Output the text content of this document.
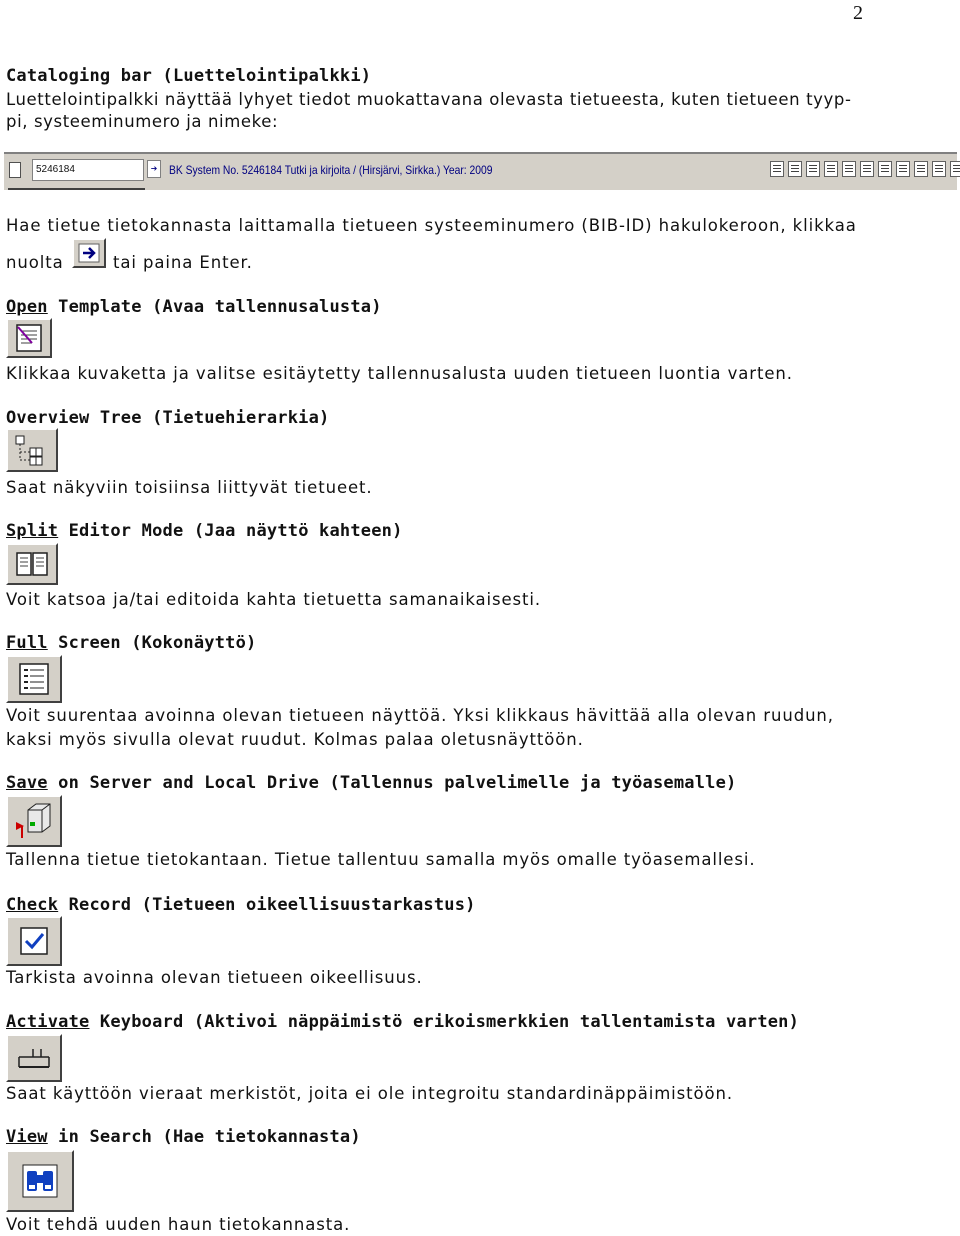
2
Cataloging bar (Luettelointipalkki)
Luettelointipalkki näyttää lyhyet tiedot muokattavana olevasta tietueesta, kuten tietueen tyyp-
pi, systeeminumero ja nimeke:
5246184	➔ BK System No. 5246184 Tutki ja kirjoita / (Hirsjärvi, Sirkka.) Year: 2009
Hae tietue tietokannasta laittamalla tietueen systeeminumero (BIB-ID) hakulokeroon, klikkaa
nuolta	tai paina Enter.
Open Template (Avaa tallennusalusta)
Klikkaa kuvaketta ja valitse esitäytetty tallennusalusta uuden tietueen luontia varten.
Overview Tree (Tietuehierarkia)
Saat näkyviin toisiinsa liittyvät tietueet.
Split Editor Mode (Jaa näyttö kahteen)
Voit katsoa ja/tai editoida kahta tietuetta samanaikaisesti.
Full Screen (Kokonäyttö)
Voit suurentaa avoinna olevan tietueen näyttöä. Yksi klikkaus hävittää alla olevan ruudun,
kaksi myös sivulla olevat ruudut. Kolmas palaa oletusnäyttöön.
Save on Server and Local Drive (Tallennus palvelimelle ja työasemalle)
Tallenna tietue tietokantaan. Tietue tallentuu samalla myös omalle työasemallesi.
Check Record (Tietueen oikeellisuustarkastus)
Tarkista avoinna olevan tietueen oikeellisuus.
Activate Keyboard (Aktivoi näppäimistö erikoismerkkien tallentamista varten)
Saat käyttöön vieraat merkistöt, joita ei ole integroitu standardinäppäimistöön.
View in Search (Hae tietokannasta)
Voit tehdä uuden haun tietokannasta.
